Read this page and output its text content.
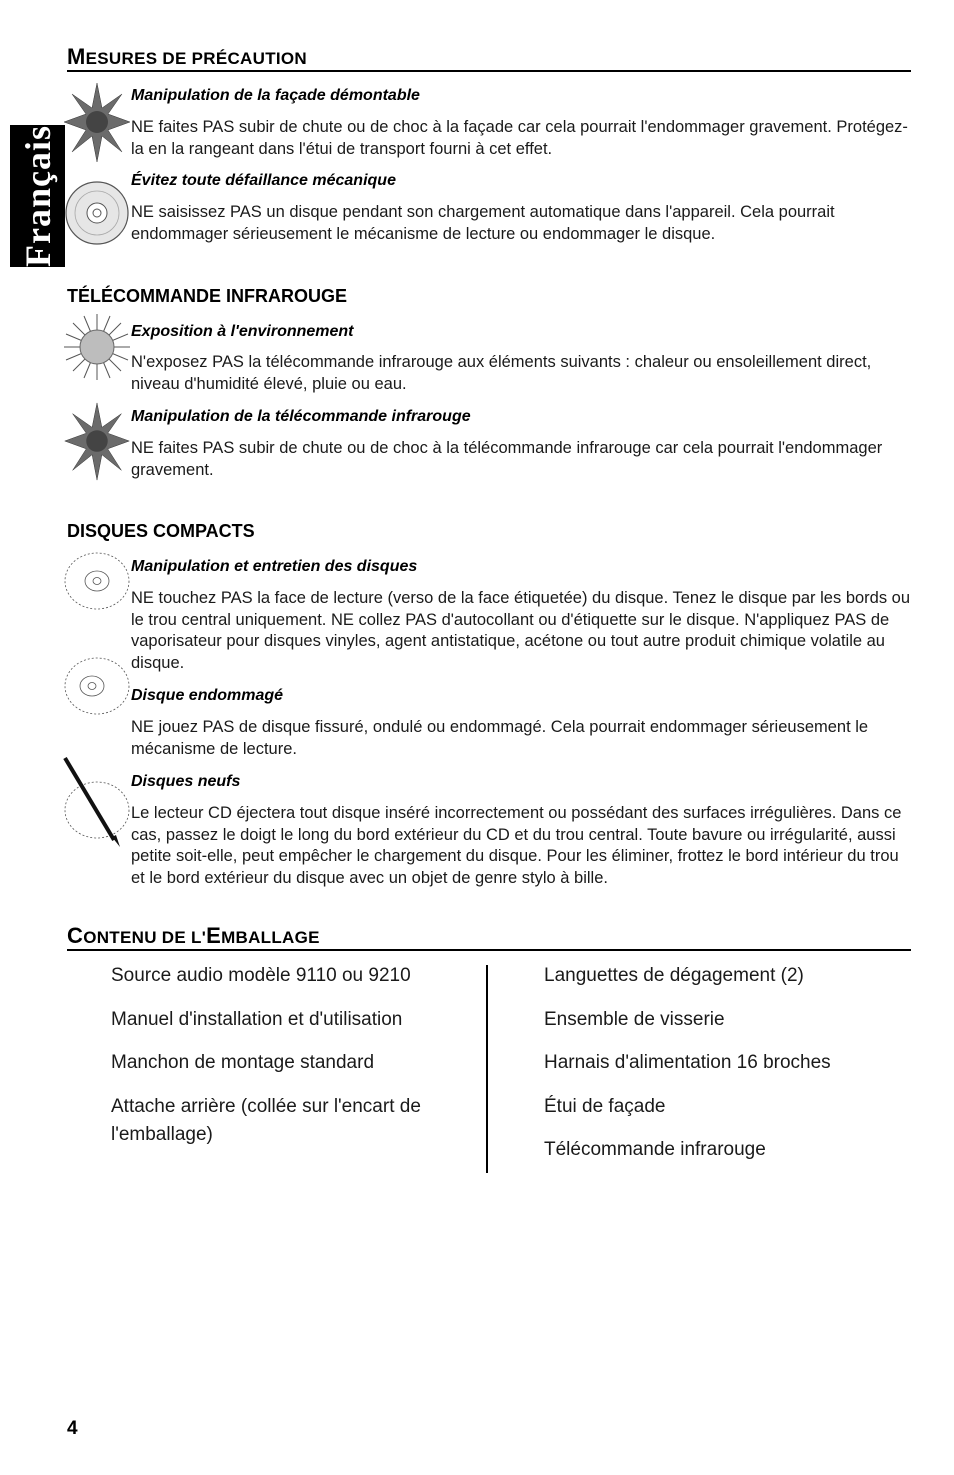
Français
MESURES DE PRÉCAUTION
Manipulation de la façade démontable
NE faites PAS subir de chute ou de choc à la façade car cela pourrait l'endommager gravement. Protégez-la en la rangeant dans l'étui de transport fourni à cet effet.
Évitez toute défaillance mécanique
NE saisissez PAS un disque pendant son chargement automatique dans l'appareil. Cela pourrait endommager sérieusement le mécanisme de lecture ou endommager le disque.
TÉLÉCOMMANDE INFRAROUGE
Exposition à l'environnement
N'exposez PAS la télécommande infrarouge aux éléments suivants : chaleur ou ensoleillement direct, niveau d'humidité élevé, pluie ou eau.
Manipulation de la télécommande infrarouge
NE faites PAS subir de chute ou de choc à la télécommande infrarouge car cela pourrait l'endommager gravement.
DISQUES COMPACTS
Manipulation et entretien des disques
NE touchez PAS la face de lecture (verso de la face étiquetée) du disque. Tenez le disque par les bords ou le trou central uniquement. NE collez PAS d'autocollant ou d'étiquette sur le disque. N'appliquez PAS de vaporisateur pour disques vinyles, agent antistatique, acétone ou tout autre produit chimique volatile au disque.
Disque endommagé
NE jouez PAS de disque fissuré, ondulé ou endommagé. Cela pourrait endommager sérieusement le mécanisme de lecture.
Disques neufs
Le lecteur CD éjectera tout disque inséré incorrectement ou possédant des surfaces irrégulières. Dans ce cas, passez le doigt le long du bord extérieur du CD et du trou central. Toute bavure ou irrégularité, aussi petite soit-elle, peut empêcher le chargement du disque. Pour les éliminer, frottez le bord intérieur du trou et le bord extérieur du disque avec un objet de genre stylo à bille.
CONTENU DE L'EMBALLAGE
Source audio modèle 9110 ou 9210
Manuel d'installation et d'utilisation
Manchon de montage standard
Attache arrière (collée sur l'encart de l'emballage)
Languettes de dégagement (2)
Ensemble de visserie
Harnais d'alimentation 16 broches
Étui de façade
Télécommande infrarouge
4
